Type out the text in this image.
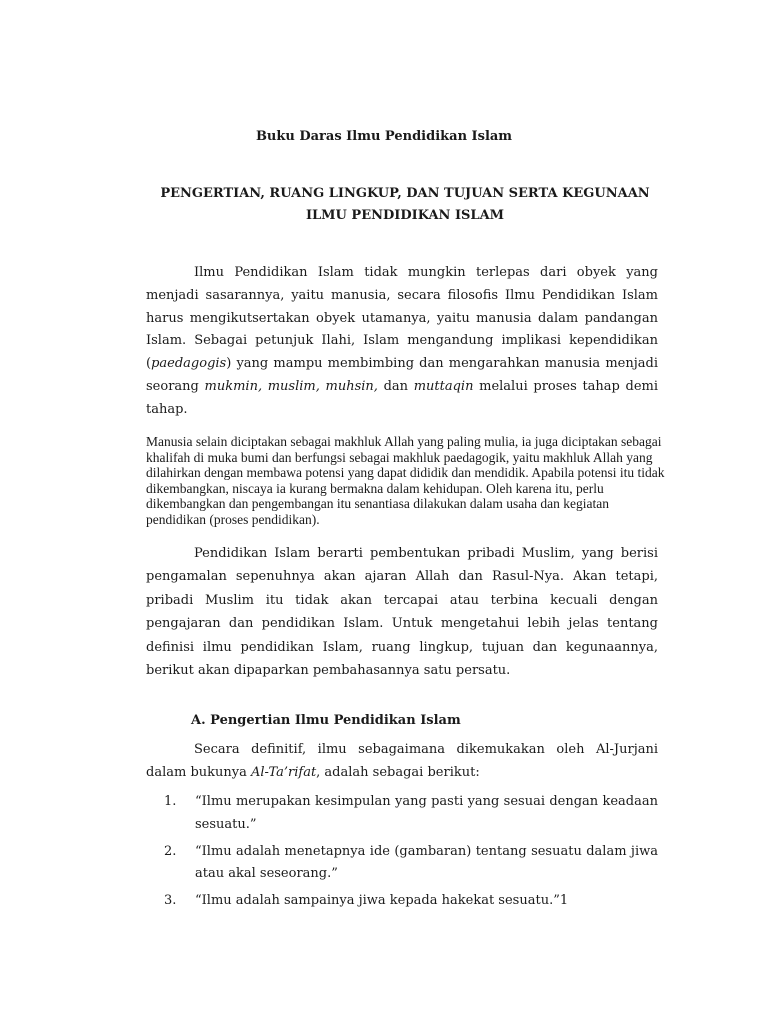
Buku Daras Ilmu Pendidikan Islam
PENGERTIAN, RUANG LINGKUP, DAN TUJUAN SERTA KEGUNAAN ILMU PENDIDIKAN ISLAM

Ilmu Pendidikan Islam tidak mungkin terlepas dari obyek yang menjadi sasarannya, yaitu manusia, secara filosofis Ilmu Pendidikan Islam harus mengikutsertakan obyek utamanya, yaitu manusia dalam pandangan Islam. Sebagai petunjuk Ilahi, Islam mengandung implikasi kependidikan (paedagogis) yang mampu membimbing dan mengarahkan manusia menjadi seorang mukmin, muslim, muhsin, dan muttaqin melalui proses tahap demi tahap.

Manusia selain diciptakan sebagai makhluk Allah yang paling mulia, ia juga diciptakan sebagai khalifah di muka bumi dan berfungsi sebagai makhluk paedagogik, yaitu makhluk Allah yang dilahirkan dengan membawa potensi yang dapat dididik dan mendidik. Apabila potensi itu tidak dikembangkan, niscaya ia kurang bermakna dalam kehidupan. Oleh karena itu, perlu dikembangkan dan pengembangan itu senantiasa dilakukan dalam usaha dan kegiatan pendidikan (proses pendidikan).

Pendidikan Islam berarti pembentukan pribadi Muslim, yang berisi pengamalan sepenuhnya akan ajaran Allah dan Rasul-Nya. Akan tetapi, pribadi Muslim itu tidak akan tercapai atau terbina kecuali dengan pengajaran dan pendidikan Islam. Untuk mengetahui lebih jelas tentang definisi ilmu pendidikan Islam, ruang lingkup, tujuan dan kegunaannya, berikut akan dipaparkan pembahasannya satu persatu.

A. Pengertian Ilmu Pendidikan Islam

Secara definitif, ilmu sebagaimana dikemukakan oleh Al-Jurjani dalam bukunya Al-Ta’rifat, adalah sebagai berikut:

1.	“Ilmu merupakan kesimpulan yang pasti yang sesuai dengan keadaan sesuatu.”
2.	“Ilmu adalah menetapnya ide (gambaran) tentang sesuatu dalam jiwa atau akal seseorang.”
3.	“Ilmu adalah sampainya jiwa kepada hakekat sesuatu.”1
